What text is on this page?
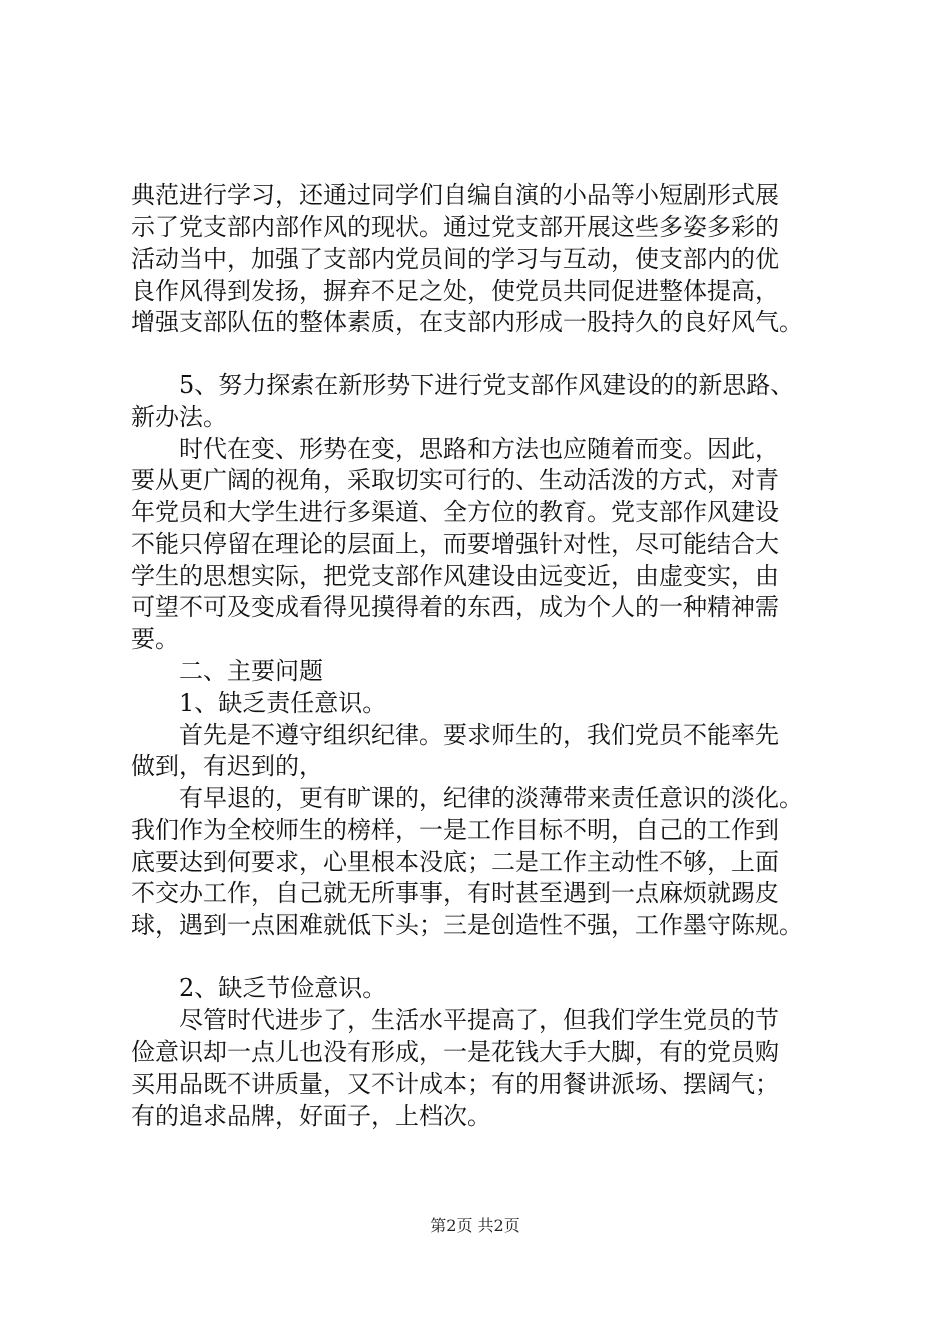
典范进行学习，还通过同学们自编自演的小品等小短剧形式展
示了党支部内部作风的现状。通过党支部开展这些多姿多彩的
活动当中，加强了支部内党员间的学习与互动，使支部内的优
良作风得到发扬，摒弃不足之处，使党员共同促进整体提高，
增强支部队伍的整体素质，在支部内形成一股持久的良好风气。
5、努力探索在新形势下进行党支部作风建设的的新思路、
新办法。
时代在变、形势在变，思路和方法也应随着而变。因此，
要从更广阔的视角，采取切实可行的、生动活泼的方式，对青
年党员和大学生进行多渠道、全方位的教育。党支部作风建设
不能只停留在理论的层面上，而要增强针对性，尽可能结合大
学生的思想实际，把党支部作风建设由远变近，由虚变实，由
可望不可及变成看得见摸得着的东西，成为个人的一种精神需
要。
二、主要问题
1、缺乏责任意识。
首先是不遵守组织纪律。要求师生的，我们党员不能率先
做到，有迟到的，
有早退的，更有旷课的，纪律的淡薄带来责任意识的淡化。
我们作为全校师生的榜样，一是工作目标不明，自己的工作到
底要达到何要求，心里根本没底；二是工作主动性不够，上面
不交办工作，自己就无所事事，有时甚至遇到一点麻烦就踢皮
球，遇到一点困难就低下头；三是创造性不强，工作墨守陈规。
2、缺乏节俭意识。
尽管时代进步了，生活水平提高了，但我们学生党员的节
俭意识却一点儿也没有形成，一是花钱大手大脚，有的党员购
买用品既不讲质量，又不计成本；有的用餐讲派场、摆阔气；
有的追求品牌，好面子，上档次。
第2页 共2页
